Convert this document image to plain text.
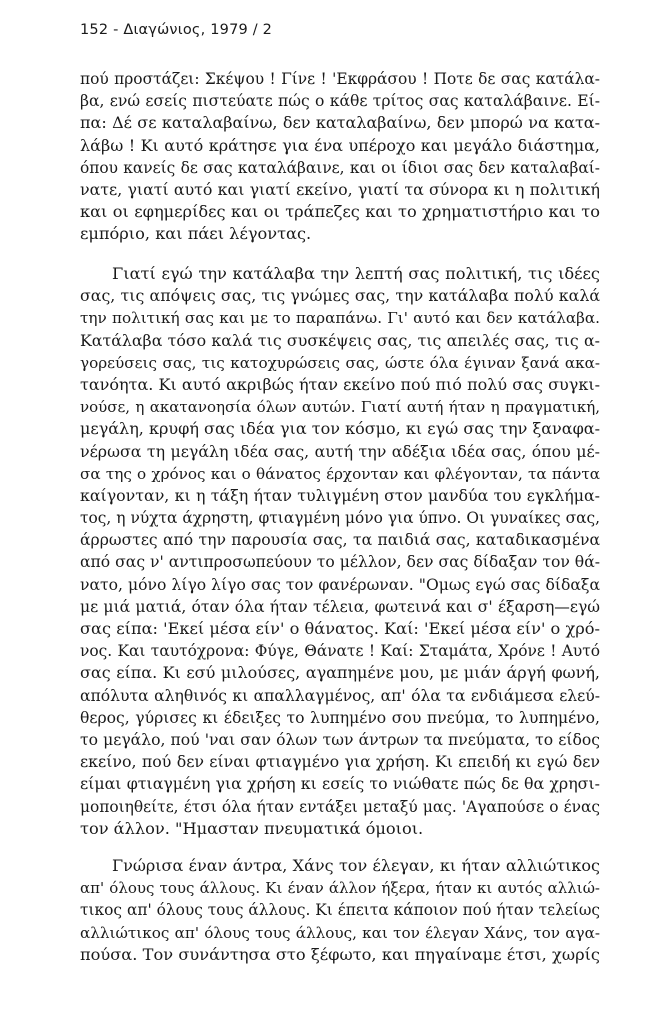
152 - Διαγώνιος, 1979 / 2
πού προστάζει: Σκέψου ! Γίνε ! 'Εκφράσου ! Ποτε δε σας κατάλα-
βα, ενώ εσείς πιστεύατε πώς ο κάθε τρίτος σας καταλάβαινε. Εί-
πα: Δέ σε καταλαβαίνω, δεν καταλαβαίνω, δεν μπορώ να κατα-
λάβω ! Κι αυτό κράτησε για ένα υπέροχο και μεγάλο διάστημα,
όπου κανείς δε σας καταλάβαινε, και οι ίδιοι σας δεν καταλαβαί-
νατε, γιατί αυτό και γιατί εκείνο, γιατί τα σύνορα κι η πολιτική
και οι εφημερίδες και οι τράπεζες και το χρηματιστήριο και το
εμπόριο, και πάει λέγοντας.
Γιατί εγώ την κατάλαβα την λεπτή σας πολιτική, τις ιδέες
σας, τις απόψεις σας, τις γνώμες σας, την κατάλαβα πολύ καλά
την πολιτική σας και με το παραπάνω. Γι' αυτό και δεν κατάλαβα.
Κατάλαβα τόσο καλά τις συσκέψεις σας, τις απειλές σας, τις α-
γορεύσεις σας, τις κατοχυρώσεις σας, ώστε όλα έγιναν ξανά ακα-
τανόητα. Κι αυτό ακριβώς ήταν εκείνο πού πιό πολύ σας συγκι-
νούσε, η ακατανοησία όλων αυτών. Γιατί αυτή ήταν η πραγματική,
μεγάλη, κρυφή σας ιδέα για τον κόσμο, κι εγώ σας την ξαναφα-
νέρωσα τη μεγάλη ιδέα σας, αυτή την αδέξια ιδέα σας, όπου μέ-
σα της ο χρόνος και ο θάνατος έρχονταν και φλέγονταν, τα πάντα
καίγονταν, κι η τάξη ήταν τυλιγμένη στον μανδύα του εγκλήμα-
τος, η νύχτα άχρηστη, φτιαγμένη μόνο για ύπνο. Οι γυναίκες σας,
άρρωστες από την παρουσία σας, τα παιδιά σας, καταδικασμένα
από σας ν' αντιπροσωπεύουν το μέλλον, δεν σας δίδαξαν τον θά-
νατο, μόνο λίγο λίγο σας τον φανέρωναν. "Ομως εγώ σας δίδαξα
με μιά ματιά, όταν όλα ήταν τέλεια, φωτεινά και σ' έξαρση—εγώ
σας είπα: 'Εκεί μέσα είν' ο θάνατος. Καί: 'Εκεί μέσα είν' ο χρό-
νος. Και ταυτόχρονα: Φύγε, Θάνατε ! Καί: Σταμάτα, Χρόνε ! Αυτό
σας είπα. Κι εσύ μιλούσες, αγαπημένε μου, με μιάν άργή φωνή,
απόλυτα αληθινός κι απαλλαγμένος, απ' όλα τα ενδιάμεσα ελεύ-
θερος, γύρισες κι έδειξες το λυπημένο σου πνεύμα, το λυπημένο,
το μεγάλο, πού 'ναι σαν όλων των άντρων τα πνεύματα, το είδος
εκείνο, πού δεν είναι φτιαγμένο για χρήση. Κι επειδή κι εγώ δεν
είμαι φτιαγμένη για χρήση κι εσείς το νιώθατε πώς δε θα χρησι-
μοποιηθείτε, έτσι όλα ήταν εντάξει μεταξύ μας. 'Αγαπούσε ο ένας
τον άλλον. "Ημασταν πνευματικά όμοιοι.
Γνώρισα έναν άντρα, Χάνς τον έλεγαν, κι ήταν αλλιώτικος
απ' όλους τους άλλους. Κι έναν άλλον ήξερα, ήταν κι αυτός αλλιώ-
τικος απ' όλους τους άλλους. Κι έπειτα κάποιον πού ήταν τελείως
αλλιώτικος απ' όλους τους άλλους, και τον έλεγαν Χάνς, τον αγα-
πούσα. Τον συνάντησα στο ξέφωτο, και πηγαίναμε έτσι, χωρίς
